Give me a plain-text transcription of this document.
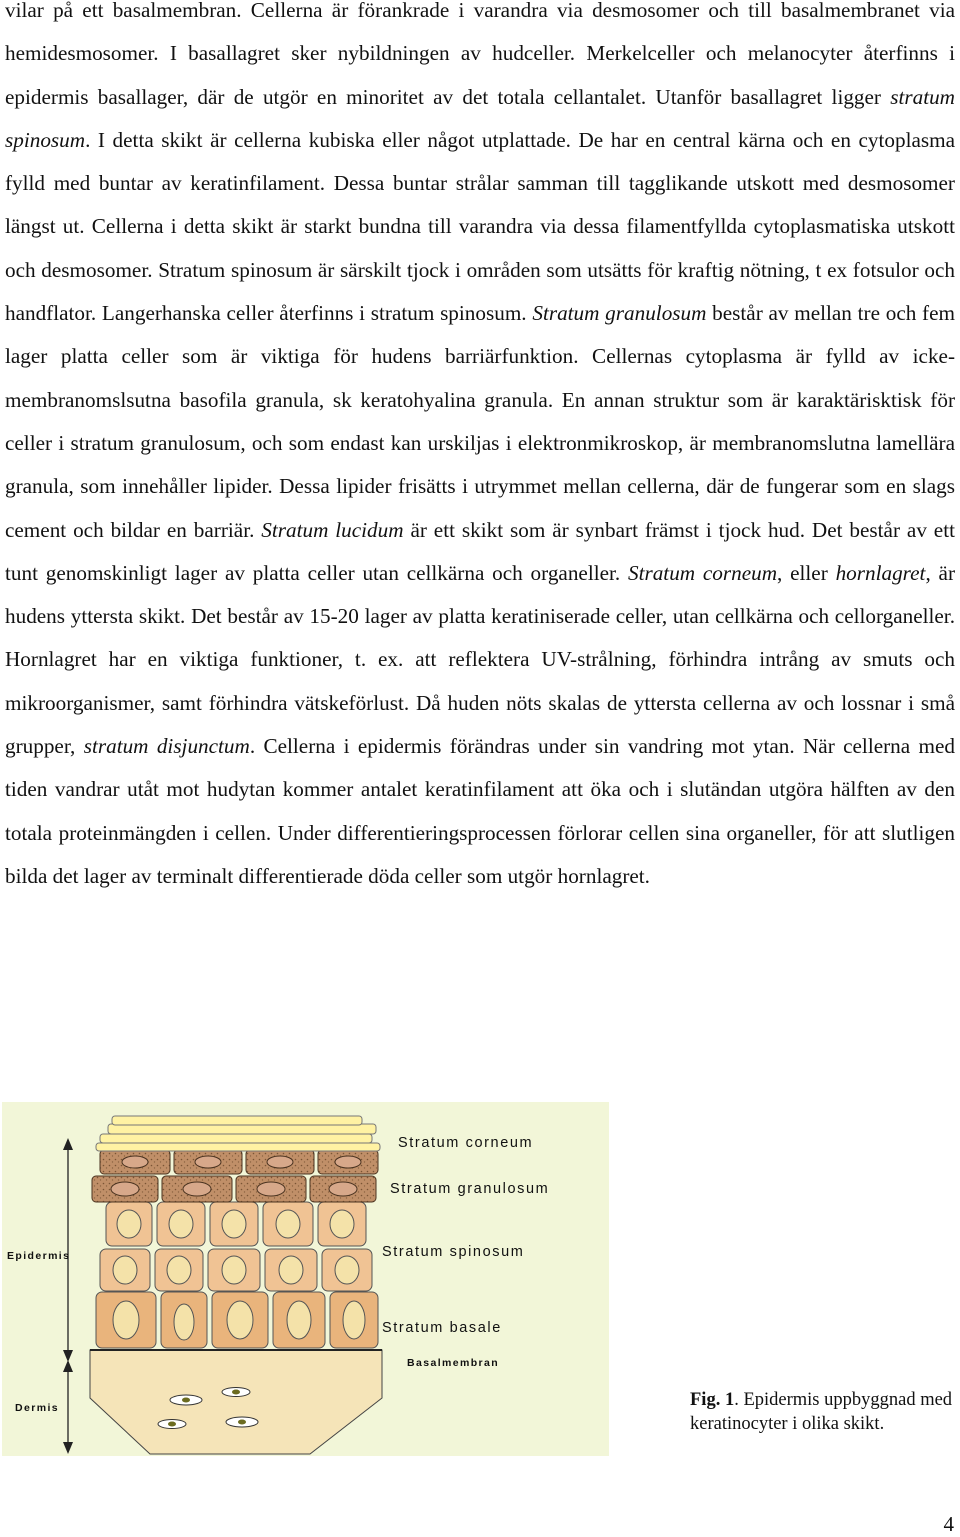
vilar på ett basalmembran. Cellerna är förankrade i varandra via desmosomer och till basalmembranet via hemidesmosomer. I basallagret sker nybildningen av hudceller. Merkelceller och melanocyter återfinns i epidermis basallager, där de utgör en minoritet av det totala cellantalet. Utanför basallagret ligger stratum spinosum. I detta skikt är cellerna kubiska eller något utplattade. De har en central kärna och en cytoplasma fylld med buntar av keratinfilament. Dessa buntar strålar samman till tagglikande utskott med desmosomer längst ut. Cellerna i detta skikt är starkt bundna till varandra via dessa filamentfyllda cytoplasmatiska utskott och desmosomer. Stratum spinosum är särskilt tjock i områden som utsätts för kraftig nötning, t ex fotsulor och handflator. Langerhanska celler återfinns i stratum spinosum. Stratum granulosum består av mellan tre och fem lager platta celler som är viktiga för hudens barriärfunktion. Cellernas cytoplasma är fylld av icke-membranomslsutna basofila granula, sk keratohyalina granula. En annan struktur som är karaktärisktisk för celler i stratum granulosum, och som endast kan urskiljas i elektronmikroskop, är membranomslutna lamellära granula, som innehåller lipider. Dessa lipider frisätts i utrymmet mellan cellerna, där de fungerar som en slags cement och bildar en barriär. Stratum lucidum är ett skikt som är synbart främst i tjock hud. Det består av ett tunt genomskinligt lager av platta celler utan cellkärna och organeller. Stratum corneum, eller hornlagret, är hudens yttersta skikt. Det består av 15-20 lager av platta keratiniserade celler, utan cellkärna och cellorganeller. Hornlagret har en viktiga funktioner, t. ex. att reflektera UV-strålning, förhindra intrång av smuts och mikroorganismer, samt förhindra vätskeförlust. Då huden nöts skalas de yttersta cellerna av och lossnar i små grupper, stratum disjunctum. Cellerna i epidermis förändras under sin vandring mot ytan. När cellerna med tiden vandrar utåt mot hudytan kommer antalet keratinfilament att öka och i slutändan utgöra hälften av den totala proteinmängden i cellen. Under differentieringsprocessen förlorar cellen sina organeller, för att slutligen bilda det lager av terminalt differentierade döda celler som utgör hornlagret.

Stratum corneum
Stratum granulosum
Stratum spinosum
Stratum basale
Basalmembran
Epidermis
Dermis	Fig. 1. Epidermis uppbyggnad med keratinocyter i olika skikt.
4
